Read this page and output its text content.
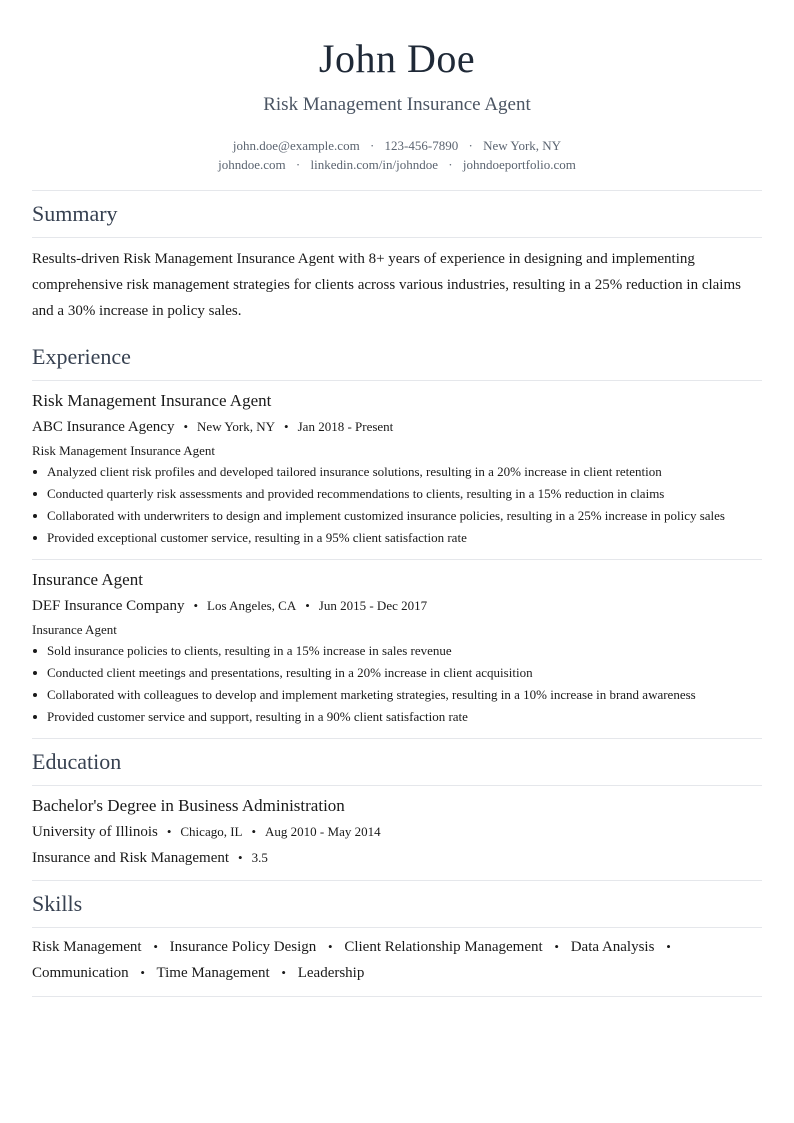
John Doe
Risk Management Insurance Agent
john.doe@example.com · 123-456-7890 · New York, NY
johndoe.com · linkedin.com/in/johndoe · johndoeportfolio.com
Summary
Results-driven Risk Management Insurance Agent with 8+ years of experience in designing and implementing comprehensive risk management strategies for clients across various industries, resulting in a 25% reduction in claims and a 30% increase in policy sales.
Experience
Risk Management Insurance Agent
ABC Insurance Agency • New York, NY • Jan 2018 - Present
Risk Management Insurance Agent
Analyzed client risk profiles and developed tailored insurance solutions, resulting in a 20% increase in client retention
Conducted quarterly risk assessments and provided recommendations to clients, resulting in a 15% reduction in claims
Collaborated with underwriters to design and implement customized insurance policies, resulting in a 25% increase in policy sales
Provided exceptional customer service, resulting in a 95% client satisfaction rate
Insurance Agent
DEF Insurance Company • Los Angeles, CA • Jun 2015 - Dec 2017
Insurance Agent
Sold insurance policies to clients, resulting in a 15% increase in sales revenue
Conducted client meetings and presentations, resulting in a 20% increase in client acquisition
Collaborated with colleagues to develop and implement marketing strategies, resulting in a 10% increase in brand awareness
Provided customer service and support, resulting in a 90% client satisfaction rate
Education
Bachelor's Degree in Business Administration
University of Illinois • Chicago, IL • Aug 2010 - May 2014
Insurance and Risk Management • 3.5
Skills
Risk Management • Insurance Policy Design • Client Relationship Management • Data Analysis •
Communication • Time Management • Leadership
